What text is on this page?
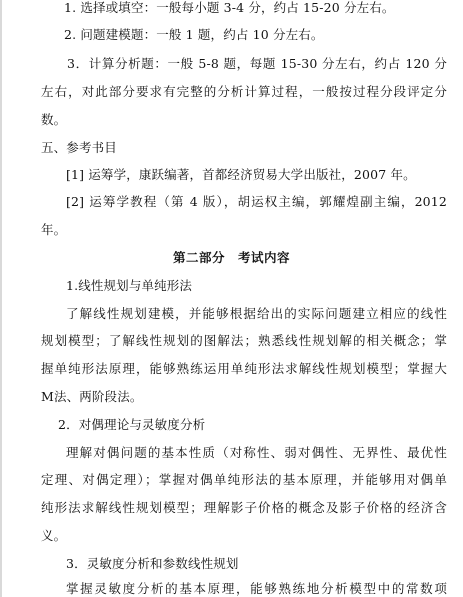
1. 选择或填空：一般每小题 3-4 分，约占 15-20 分左右。
2. 问题建模题：一般 1 题，约占 10 分左右。
3．计算分析题：一般 5-8 题，每题 15-30 分左右，约占 120 分
左右，对此部分要求有完整的分析计算过程，一般按过程分段评定分
数。
五、参考书目
[1] 运筹学，康跃编著，首都经济贸易大学出版社，2007 年。
[2] 运筹学教程（第 4 版），胡运权主编，郭耀煌副主编，2012
年。
第二部分　考试内容
1.线性规划与单纯形法
了解线性规划建模，并能够根据给出的实际问题建立相应的线性
规划模型；了解线性规划的图解法；熟悉线性规划解的相关概念；掌
握单纯形法原理，能够熟练运用单纯形法求解线性规划模型；掌握大
M法、两阶段法。
2．对偶理论与灵敏度分析
理解对偶问题的基本性质（对称性、弱对偶性、无界性、最优性
定理、对偶定理）；掌握对偶单纯形法的基本原理，并能够用对偶单
纯形法求解线性规划模型；理解影子价格的概念及影子价格的经济含
义。
3．灵敏度分析和参数线性规划
掌握灵敏度分析的基本原理，能够熟练地分析模型中的常数项
